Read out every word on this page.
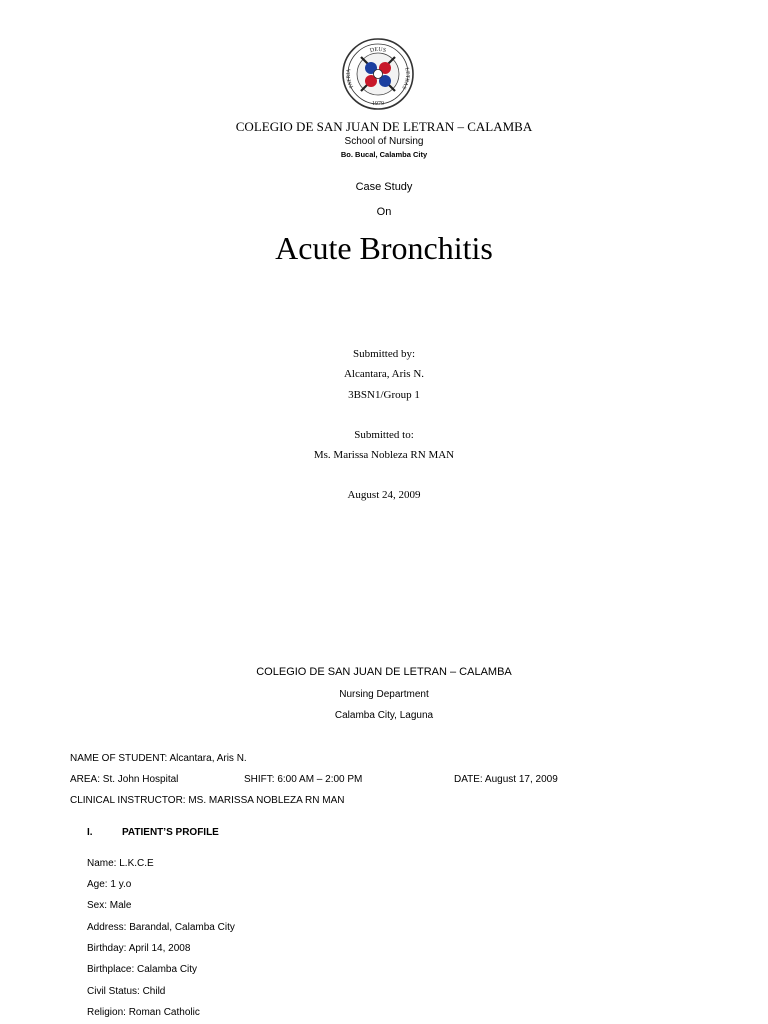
DEUS
PATRIA	LETRAS
1979
COLEGIO DE SAN JUAN DE LETRAN – CALAMBA
School of Nursing
Bo. Bucal, Calamba City
Case Study
On
Acute Bronchitis
Submitted by:
Alcantara, Aris N.
3BSN1/Group 1
Submitted to:
Ms. Marissa Nobleza RN MAN
August 24, 2009
COLEGIO DE SAN JUAN DE LETRAN – CALAMBA
Nursing Department
Calamba City, Laguna
NAME OF STUDENT: Alcantara, Aris N.
AREA: St. John Hospital	SHIFT: 6:00 AM – 2:00 PM	DATE: August 17, 2009
CLINICAL INSTRUCTOR: MS. MARISSA NOBLEZA RN MAN
I.	PATIENT’S PROFILE
Name: L.K.C.E
Age: 1 y.o
Sex: Male
Address: Barandal, Calamba City
Birthday: April 14, 2008
Birthplace: Calamba City
Civil Status: Child
Religion: Roman Catholic
